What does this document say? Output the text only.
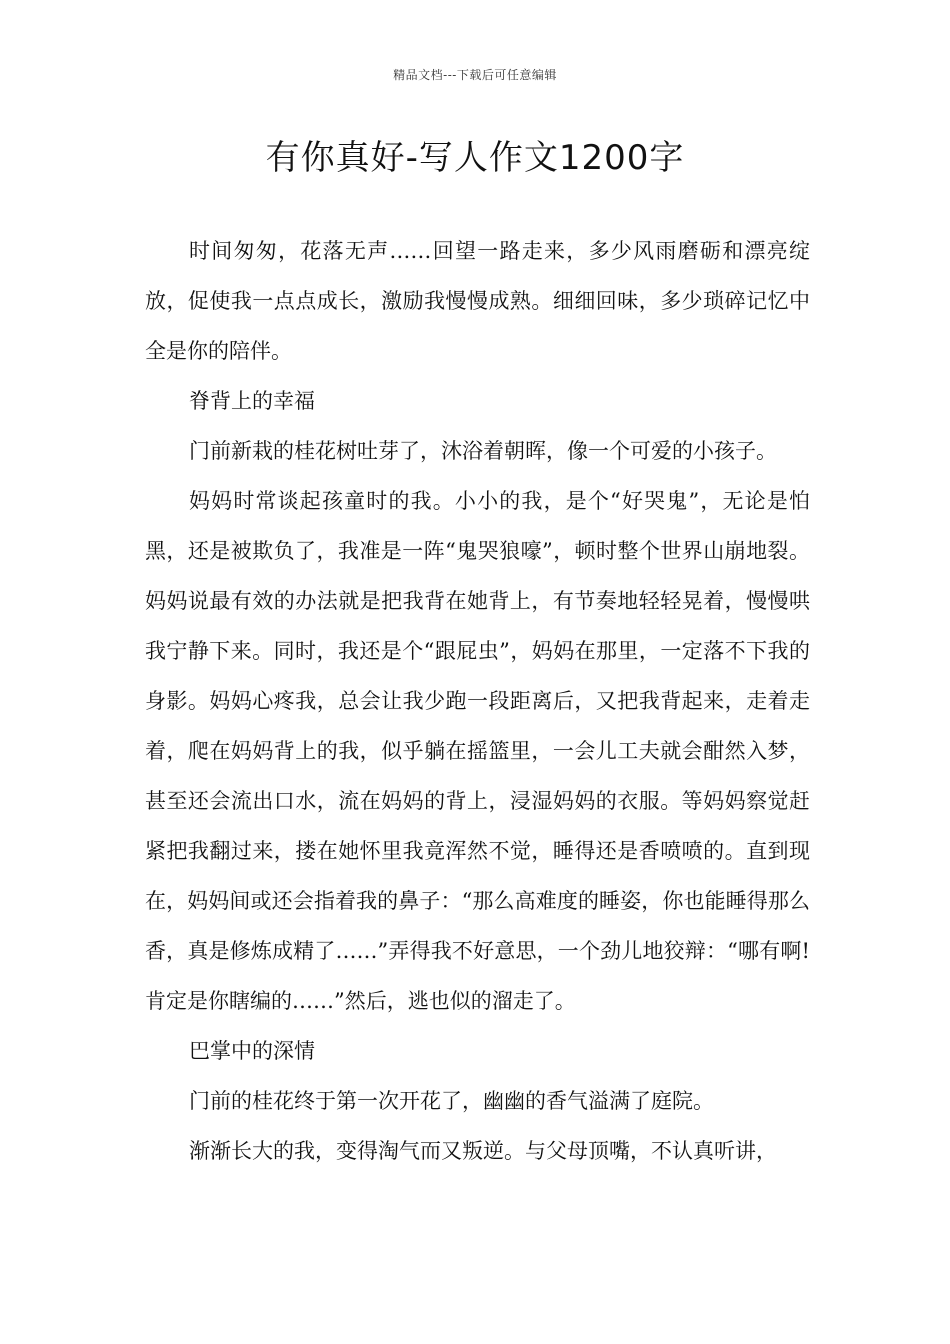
精品文档---下载后可任意编辑
有你真好-写人作文1200字

时间匆匆，花落无声……回望一路走来，多少风雨磨砺和漂亮绽放，促使我一点点成长，激励我慢慢成熟。细细回味，多少琐碎记忆中全是你的陪伴。

脊背上的幸福

门前新栽的桂花树吐芽了，沐浴着朝晖，像一个可爱的小孩子。

妈妈时常谈起孩童时的我。小小的我，是个“好哭鬼”，无论是怕黑，还是被欺负了，我准是一阵“鬼哭狼嚎”，顿时整个世界山崩地裂。妈妈说最有效的办法就是把我背在她背上，有节奏地轻轻晃着，慢慢哄我宁静下来。同时，我还是个“跟屁虫”，妈妈在那里，一定落不下我的身影。妈妈心疼我，总会让我少跑一段距离后，又把我背起来，走着走着，爬在妈妈背上的我，似乎躺在摇篮里，一会儿工夫就会酣然入梦，甚至还会流出口水，流在妈妈的背上，浸湿妈妈的衣服。等妈妈察觉赶紧把我翻过来，搂在她怀里我竟浑然不觉，睡得还是香喷喷的。直到现在，妈妈间或还会指着我的鼻子：“那么高难度的睡姿，你也能睡得那么香，真是修炼成精了……”弄得我不好意思，一个劲儿地狡辩：“哪有啊!肯定是你瞎编的……”然后，逃也似的溜走了。

巴掌中的深情

门前的桂花终于第一次开花了，幽幽的香气溢满了庭院。

渐渐长大的我，变得淘气而又叛逆。与父母顶嘴，不认真听讲，
